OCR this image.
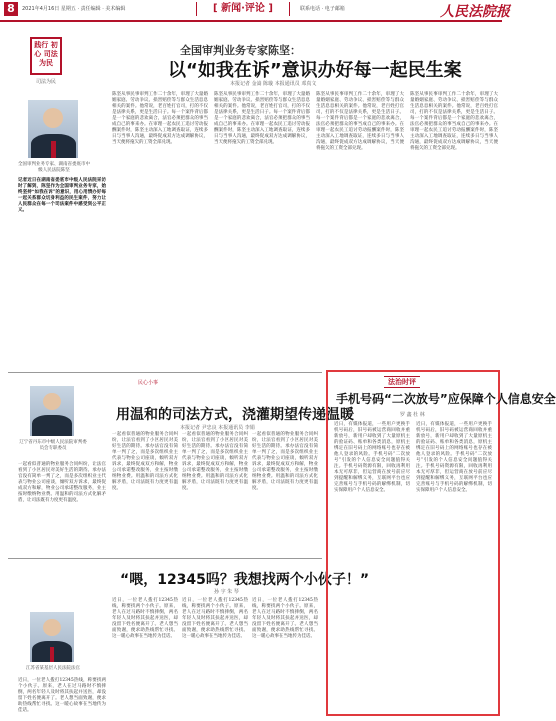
8	2021年4月16日 星期五 · 责任编辑 · 美术编辑	[ 新闻·评论 ]	联系电话 · 电子邮箱	人民法院报
践行 初心 司法为民
司法为民
全国审判业务专家陈坚：
以“如我在诉”意识办好每一起民生案
本报记者 金嵩 陈璇 本报通讯员 邓真文
全国审判业务专家、湖南省娄底市中级人民法院陈坚
记者近日在湖南省娄底市中级人民法院采访时了解到，陈坚作为全国审判业务专家，始终坚持“如我在诉”的意识，用心用情办好每一起关系群众切身利益的民生案件，努力让人民群众在每一个司法案件中感受到公平正义。
陈坚从事民事审判工作二十余年，审理了大量婚姻家庭、劳动争议、损害赔偿等与群众生活息息相关的案件。他常说，老百姓打官司，打的不仅是法律关系，更是生活日子。每一个案件背后都是一个家庭的悲欢离合，法官必须把群众的事当成自己的事来办。在审理一起农民工追讨劳动报酬案件时，陈坚主动深入工地调查取证，连续多日与当事人沟通，最终促成双方达成调解协议，当天便将拖欠的工资全部兑现。
陈坚从事民事审判工作二十余年，审理了大量婚姻家庭、劳动争议、损害赔偿等与群众生活息息相关的案件。他常说，老百姓打官司，打的不仅是法律关系，更是生活日子。每一个案件背后都是一个家庭的悲欢离合，法官必须把群众的事当成自己的事来办。在审理一起农民工追讨劳动报酬案件时，陈坚主动深入工地调查取证，连续多日与当事人沟通，最终促成双方达成调解协议，当天便将拖欠的工资全部兑现。
陈坚从事民事审判工作二十余年，审理了大量婚姻家庭、劳动争议、损害赔偿等与群众生活息息相关的案件。他常说，老百姓打官司，打的不仅是法律关系，更是生活日子。每一个案件背后都是一个家庭的悲欢离合，法官必须把群众的事当成自己的事来办。在审理一起农民工追讨劳动报酬案件时，陈坚主动深入工地调查取证，连续多日与当事人沟通，最终促成双方达成调解协议，当天便将拖欠的工资全部兑现。
陈坚从事民事审判工作二十余年，审理了大量婚姻家庭、劳动争议、损害赔偿等与群众生活息息相关的案件。他常说，老百姓打官司，打的不仅是法律关系，更是生活日子。每一个案件背后都是一个家庭的悲欢离合，法官必须把群众的事当成自己的事来办。在审理一起农民工追讨劳动报酬案件时，陈坚主动深入工地调查取证，连续多日与当事人沟通，最终促成双方达成调解协议，当天便将拖欠的工资全部兑现。
民心小事
辽宁省丹东市中级人民法院审判委员会专职委员
用温和的司法方式，浇灌期望传递温暖
本报记者 尹忠良 本报通讯员 李娟
一起看似普通的物业服务合同纠纷，让法官看到了小区居民对美好生活的期待。承办法官没有简单一判了之，而是多次组织业主代表与物业公司座谈，倾听双方诉求，最终促成双方和解，物业公司承诺整改服务，业主按时缴纳物业费。用温和的司法方式化解矛盾，让司法既有力度更有温度。
一起看似普通的物业服务合同纠纷，让法官看到了小区居民对美好生活的期待。承办法官没有简单一判了之，而是多次组织业主代表与物业公司座谈，倾听双方诉求，最终促成双方和解，物业公司承诺整改服务，业主按时缴纳物业费。用温和的司法方式化解矛盾，让司法既有力度更有温度。
一起看似普通的物业服务合同纠纷，让法官看到了小区居民对美好生活的期待。承办法官没有简单一判了之，而是多次组织业主代表与物业公司座谈，倾听双方诉求，最终促成双方和解，物业公司承诺整改服务，业主按时缴纳物业费。用温和的司法方式化解矛盾，让司法既有力度更有温度。
一起看似普通的物业服务合同纠纷，让法官看到了小区居民对美好生活的期待。承办法官没有简单一判了之，而是多次组织业主代表与物业公司座谈，倾听双方诉求，最终促成双方和解，物业公司承诺整改服务，业主按时缴纳物业费。用温和的司法方式化解矛盾，让司法既有力度更有温度。
江苏省某基层人民法院法官
“喂，12345吗？我想找两个小伙子！”
孙 宇 朱 琴
近日，一位老人拨打12345热线，称要找两个小伙子。原来，老人在过马路时不慎摔倒，两名年轻人及时将其扶起并送医，却没留下姓名便离开了。老人想当面致谢，便求助热线帮忙寻找。这一暖心故事在当地传为佳话。
近日，一位老人拨打12345热线，称要找两个小伙子。原来，老人在过马路时不慎摔倒，两名年轻人及时将其扶起并送医，却没留下姓名便离开了。老人想当面致谢，便求助热线帮忙寻找。这一暖心故事在当地传为佳话。
近日，一位老人拨打12345热线，称要找两个小伙子。原来，老人在过马路时不慎摔倒，两名年轻人及时将其扶起并送医，却没留下姓名便离开了。老人想当面致谢，便求助热线帮忙寻找。这一暖心故事在当地传为佳话。
近日，一位老人拨打12345热线，称要找两个小伙子。原来，老人在过马路时不慎摔倒，两名年轻人及时将其扶起并送医，却没留下姓名便离开了。老人想当面致谢，便求助热线帮忙寻找。这一暖心故事在当地传为佳话。
法治时评
手机号码“二次放号”应保障个人信息安全
罗 鑫 杜 林
近日，有媒体报道，一些用户更换手机号码后，旧号码被运营商回收并重新放号，新用户却收到了大量原机主的验证码、账单和各类消息，原机主绑定在旧号码上的网络账号也存在被他人登录的风险。手机号码“二次放号”引发的个人信息安全问题值得关注。手机号码资源有限，回收再利用本无可厚非，但运营商在放号前应尽到提醒和解绑义务，互联网平台也应完善账号与手机号码的解绑机制，切实保障用户个人信息安全。
近日，有媒体报道，一些用户更换手机号码后，旧号码被运营商回收并重新放号，新用户却收到了大量原机主的验证码、账单和各类消息，原机主绑定在旧号码上的网络账号也存在被他人登录的风险。手机号码“二次放号”引发的个人信息安全问题值得关注。手机号码资源有限，回收再利用本无可厚非，但运营商在放号前应尽到提醒和解绑义务，互联网平台也应完善账号与手机号码的解绑机制，切实保障用户个人信息安全。
